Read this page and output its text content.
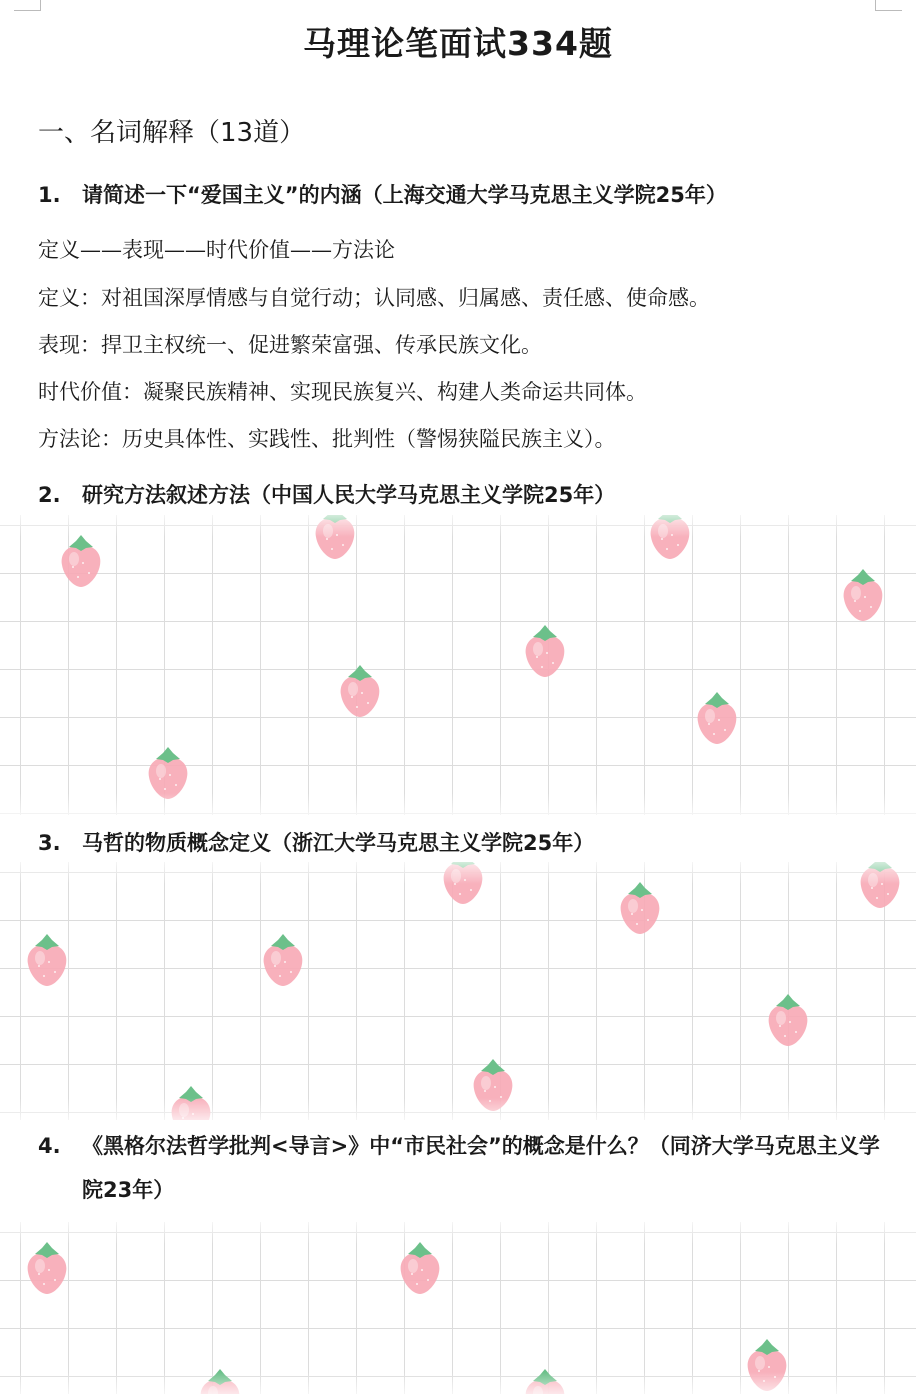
马理论笔面试334题
一、名词解释（13道）
1. 请简述一下“爱国主义”的内涵（上海交通大学马克思主义学院25年）
定义——表现——时代价值——方法论
定义：对祖国深厚情感与自觉行动；认同感、归属感、责任感、使命感。
表现：捍卫主权统一、促进繁荣富强、传承民族文化。
时代价值：凝聚民族精神、实现民族复兴、构建人类命运共同体。
方法论：历史具体性、实践性、批判性（警惕狭隘民族主义）。
2. 研究方法叙述方法（中国人民大学马克思主义学院25年）
3. 马哲的物质概念定义（浙江大学马克思主义学院25年）
4. 《黑格尔法哲学批判<导言>》中“市民社会”的概念是什么？（同济大学马克思主义学院23年）
